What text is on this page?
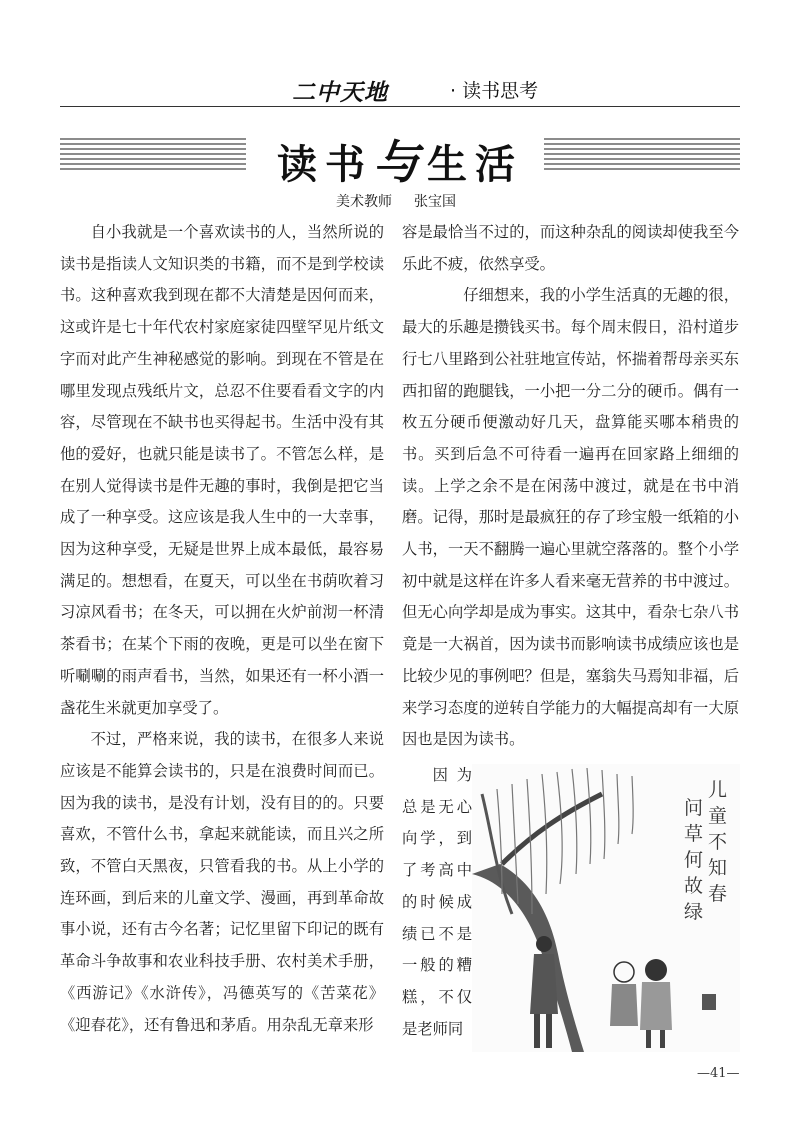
二中天地	· 读书思考
读书与生活
美术教师 张宝国

自小我就是一个喜欢读书的人，当然所说的读书是指读人文知识类的书籍，而不是到学校读书。这种喜欢我到现在都不大清楚是因何而来，这或许是七十年代农村家庭家徒四壁罕见片纸文字而对此产生神秘感觉的影响。到现在不管是在哪里发现点残纸片文，总忍不住要看看文字的内容，尽管现在不缺书也买得起书。生活中没有其他的爱好，也就只能是读书了。不管怎么样，是在别人觉得读书是件无趣的事时，我倒是把它当成了一种享受。这应该是我人生中的一大幸事，因为这种享受，无疑是世界上成本最低，最容易满足的。想想看，在夏天，可以坐在书荫吹着习习凉风看书；在冬天，可以拥在火炉前沏一杯清茶看书；在某个下雨的夜晚，更是可以坐在窗下听唰唰的雨声看书，当然，如果还有一杯小酒一盏花生米就更加享受了。

不过，严格来说，我的读书，在很多人来说应该是不能算会读书的，只是在浪费时间而已。因为我的读书，是没有计划，没有目的的。只要喜欢，不管什么书，拿起来就能读，而且兴之所致，不管白天黑夜，只管看我的书。从上小学的连环画，到后来的儿童文学、漫画，再到革命故事小说，还有古今名著；记忆里留下印记的既有革命斗争故事和农业科技手册、农村美术手册，《西游记》《水浒传》，冯德英写的《苦菜花》《迎春花》，还有鲁迅和茅盾。用杂乱无章来形

容是最恰当不过的，而这种杂乱的阅读却使我至今乐此不疲，依然享受。

仔细想来，我的小学生活真的无趣的很，最大的乐趣是攒钱买书。每个周末假日，沿村道步行七八里路到公社驻地宣传站，怀揣着帮母亲买东西扣留的跑腿钱，一小把一分二分的硬币。偶有一枚五分硬币便激动好几天，盘算能买哪本稍贵的书。买到后急不可待看一遍再在回家路上细细的读。上学之余不是在闲荡中渡过，就是在书中消磨。记得，那时是最疯狂的存了珍宝般一纸箱的小人书，一天不翻腾一遍心里就空落落的。整个小学初中就是这样在许多人看来毫无营养的书中渡过。但无心向学却是成为事实。这其中，看杂七杂八书竟是一大祸首，因为读书而影响读书成绩应该也是比较少见的事例吧？但是，塞翁失马焉知非福，后来学习态度的逆转自学能力的大幅提高却有一大原因也是因为读书。

因为总是无心向学，到了考高中的时候成绩已不是一般的糟糕，不仅是老师同
儿
童
不
知
春
问
草
何
故
绿
—41—
